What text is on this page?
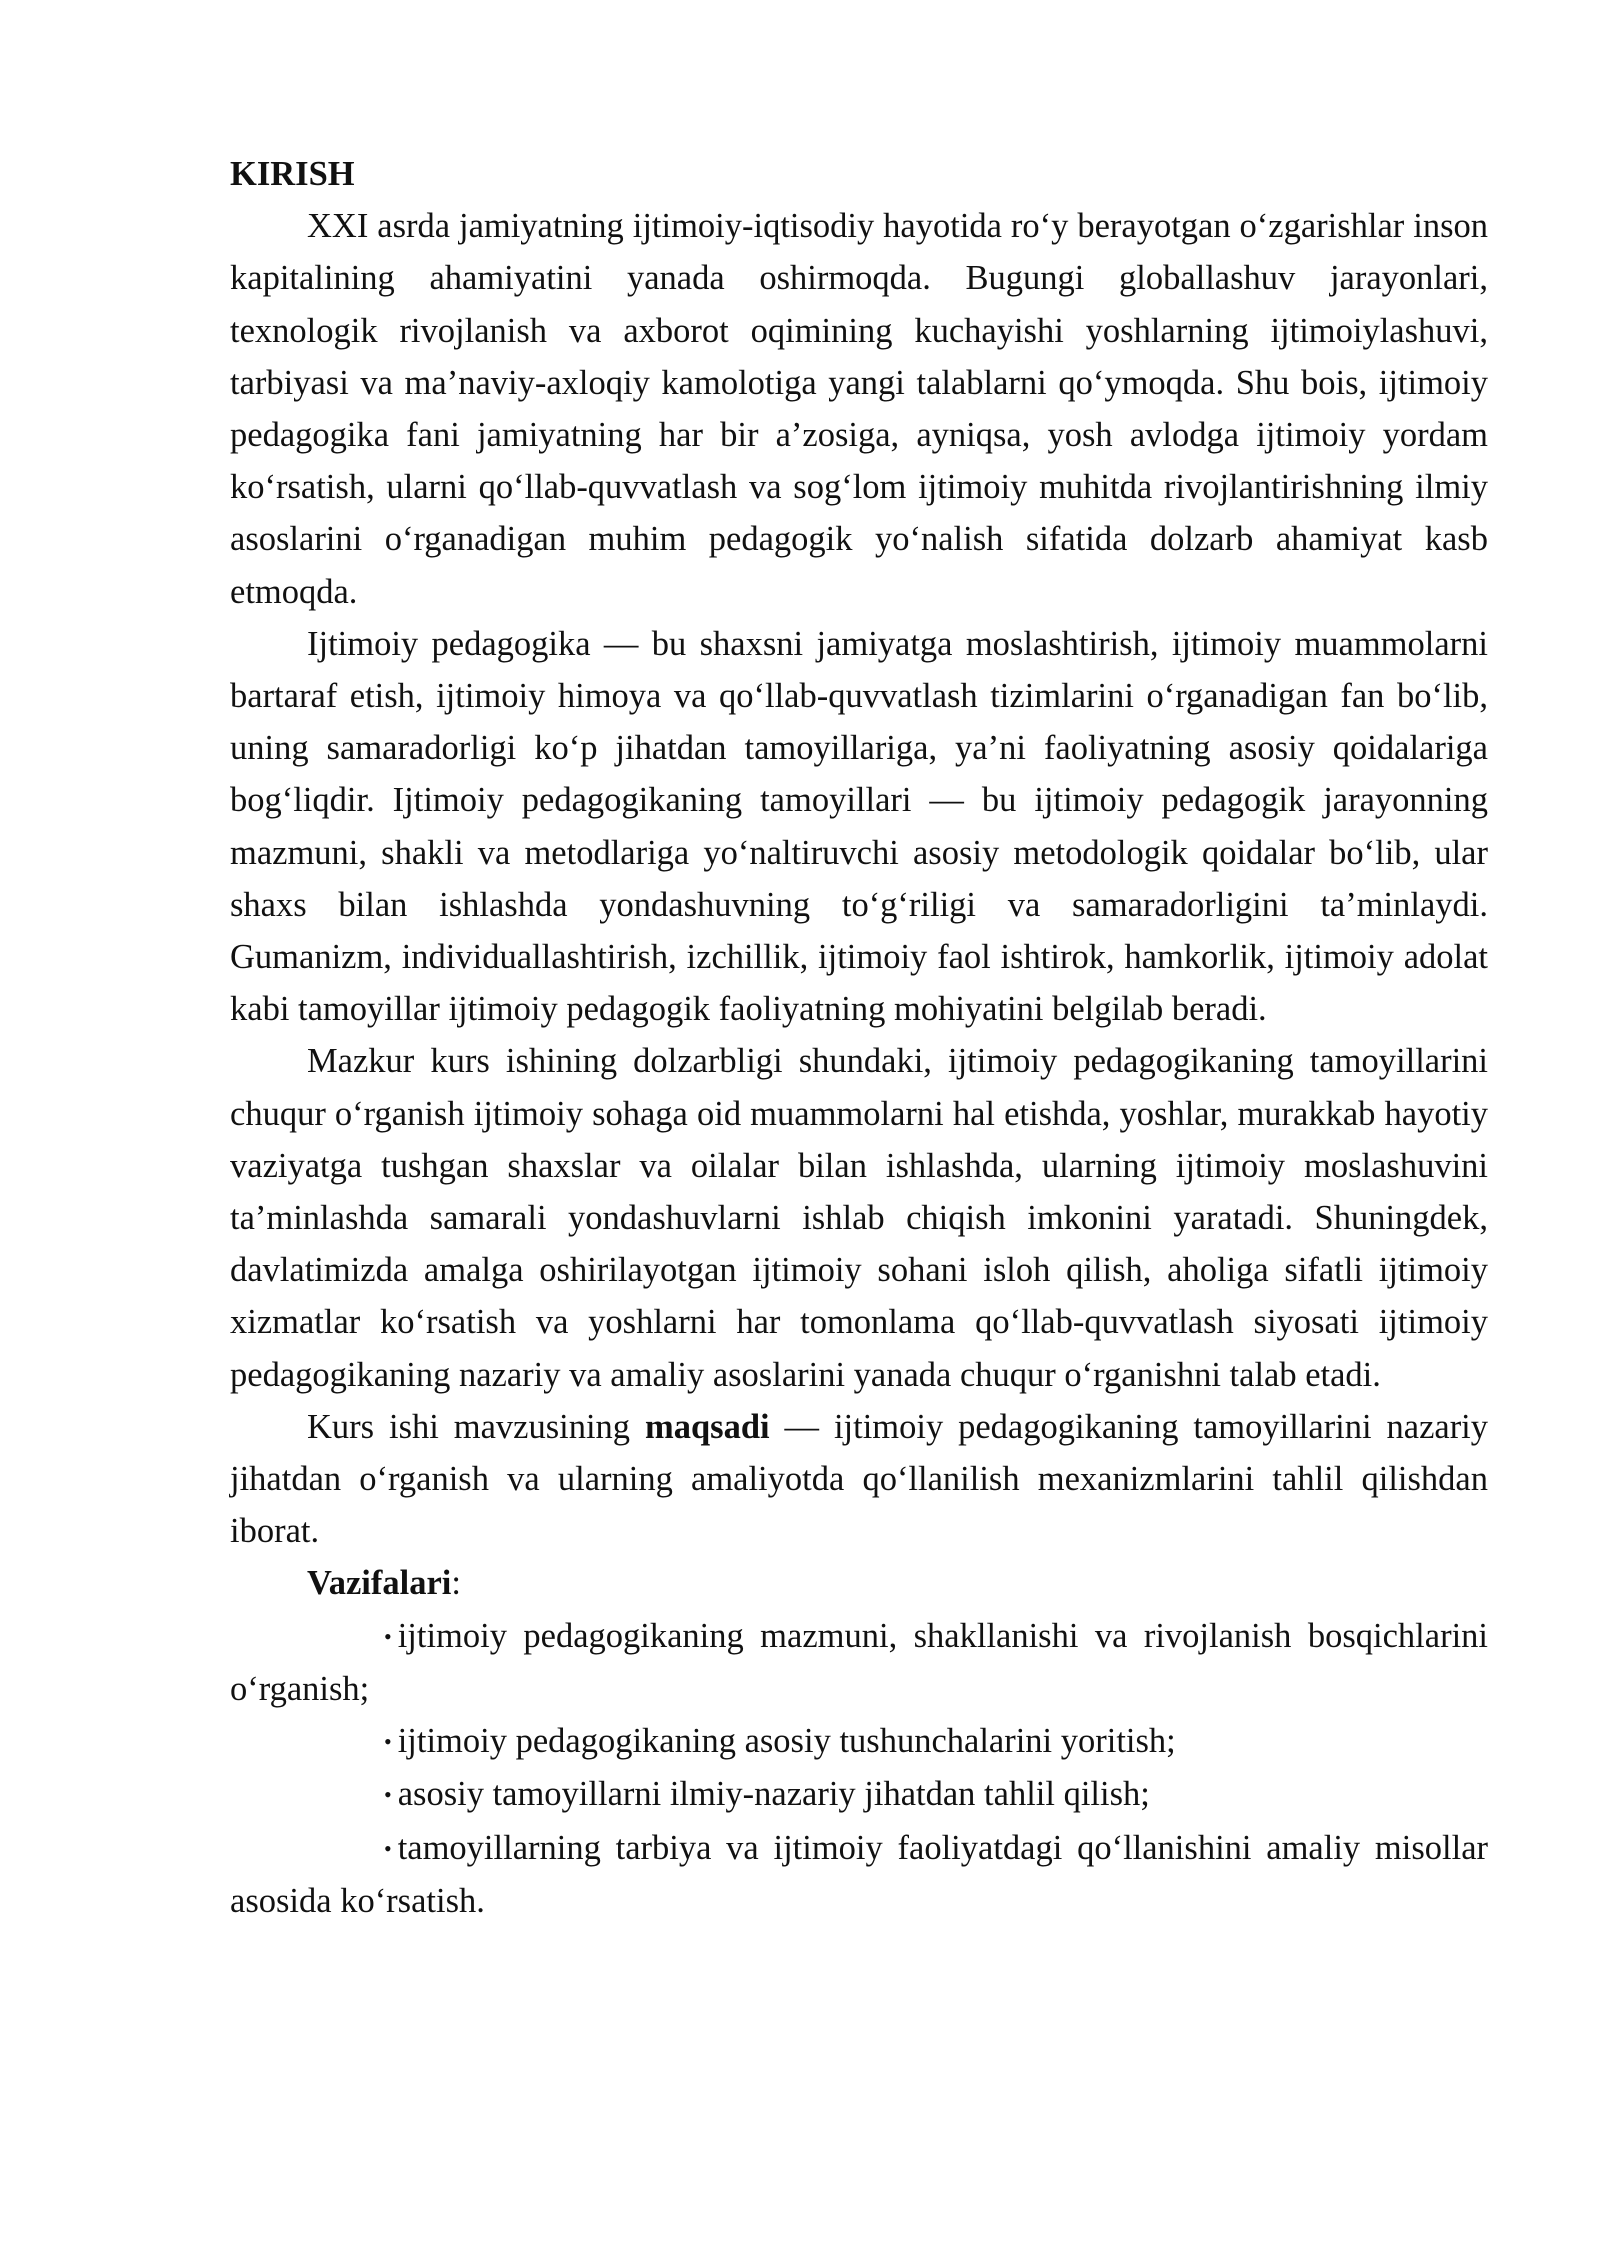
KIRISH

XXI asrda jamiyatning ijtimoiy-iqtisodiy hayotida ro‘y berayotgan o‘zgarishlar inson kapitalining ahamiyatini yanada oshirmoqda. Bugungi globallashuv jarayonlari, texnologik rivojlanish va axborot oqimining kuchayishi yoshlarning ijtimoiylashuvi, tarbiyasi va ma’naviy-axloqiy kamolotiga yangi talablarni qo‘ymoqda. Shu bois, ijtimoiy pedagogika fani jamiyatning har bir a’zosiga, ayniqsa, yosh avlodga ijtimoiy yordam ko‘rsatish, ularni qo‘llab-quvvatlash va sog‘lom ijtimoiy muhitda rivojlantirishning ilmiy asoslarini o‘rganadigan muhim pedagogik yo‘nalish sifatida dolzarb ahamiyat kasb etmoqda.

Ijtimoiy pedagogika — bu shaxsni jamiyatga moslashtirish, ijtimoiy muammolarni bartaraf etish, ijtimoiy himoya va qo‘llab-quvvatlash tizimlarini o‘rganadigan fan bo‘lib, uning samaradorligi ko‘p jihatdan tamoyillariga, ya’ni faoliyatning asosiy qoidalariga bog‘liqdir. Ijtimoiy pedagogikaning tamoyillari — bu ijtimoiy pedagogik jarayonning mazmuni, shakli va metodlariga yo‘naltiruvchi asosiy metodologik qoidalar bo‘lib, ular shaxs bilan ishlashda yondashuvning to‘g‘riligi va samaradorligini ta’minlaydi. Gumanizm, individuallashtirish, izchillik, ijtimoiy faol ishtirok, hamkorlik, ijtimoiy adolat kabi tamoyillar ijtimoiy pedagogik faoliyatning mohiyatini belgilab beradi.

Mazkur kurs ishining dolzarbligi shundaki, ijtimoiy pedagogikaning tamoyillarini chuqur o‘rganish ijtimoiy sohaga oid muammolarni hal etishda, yoshlar, murakkab hayotiy vaziyatga tushgan shaxslar va oilalar bilan ishlashda, ularning ijtimoiy moslashuvini ta’minlashda samarali yondashuvlarni ishlab chiqish imkonini yaratadi. Shuningdek, davlatimizda amalga oshirilayotgan ijtimoiy sohani isloh qilish, aholiga sifatli ijtimoiy xizmatlar ko‘rsatish va yoshlarni har tomonlama qo‘llab-quvvatlash siyosati ijtimoiy pedagogikaning nazariy va amaliy asoslarini yanada chuqur o‘rganishni talab etadi.

Kurs ishi mavzusining maqsadi — ijtimoiy pedagogikaning tamoyillarini nazariy jihatdan o‘rganish va ularning amaliyotda qo‘llanilish mexanizmlarini tahlil qilishdan iborat.

Vazifalari:

• ijtimoiy pedagogikaning mazmuni, shakllanishi va rivojlanish bosqichlarini o‘rganish;

• ijtimoiy pedagogikaning asosiy tushunchalarini yoritish;

• asosiy tamoyillarni ilmiy-nazariy jihatdan tahlil qilish;

• tamoyillarning tarbiya va ijtimoiy faoliyatdagi qo‘llanishini amaliy misollar asosida ko‘rsatish.
